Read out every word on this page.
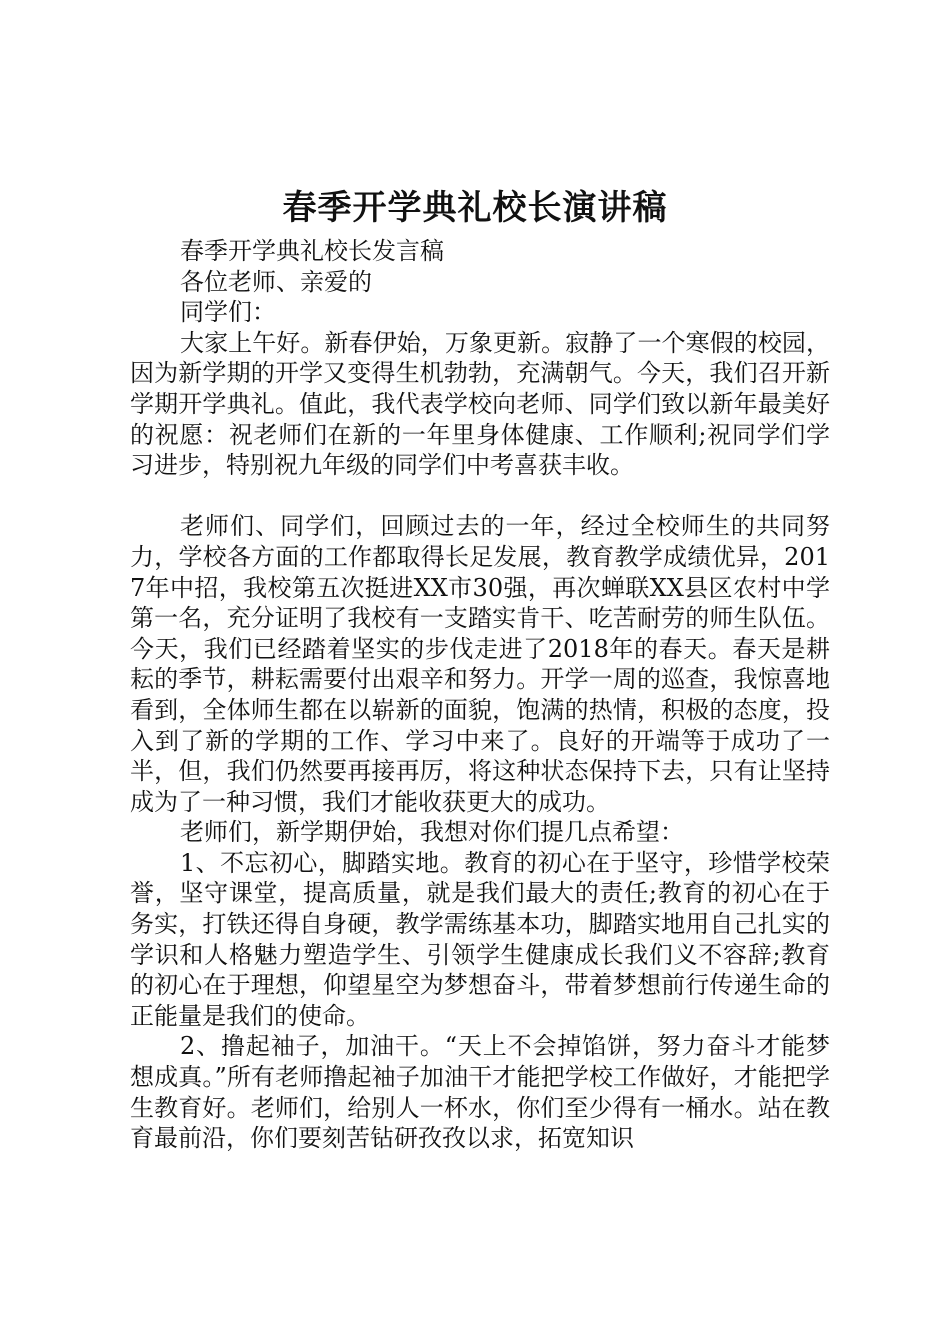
春季开学典礼校长演讲稿

春季开学典礼校长发言稿

各位老师、亲爱的

同学们：

大家上午好。新春伊始，万象更新。寂静了一个寒假的校园，因为新学期的开学又变得生机勃勃，充满朝气。今天，我们召开新学期开学典礼。值此，我代表学校向老师、同学们致以新年最美好的祝愿：祝老师们在新的一年里身体健康、工作顺利;祝同学们学习进步，特别祝九年级的同学们中考喜获丰收。

老师们、同学们，回顾过去的一年，经过全校师生的共同努力，学校各方面的工作都取得长足发展，教育教学成绩优异，2017年中招，我校第五次挺进XX市30强，再次蝉联XX县区农村中学第一名，充分证明了我校有一支踏实肯干、吃苦耐劳的师生队伍。今天，我们已经踏着坚实的步伐走进了2018年的春天。春天是耕耘的季节，耕耘需要付出艰辛和努力。开学一周的巡查，我惊喜地看到，全体师生都在以崭新的面貌，饱满的热情，积极的态度，投入到了新的学期的工作、学习中来了。良好的开端等于成功了一半，但，我们仍然要再接再厉，将这种状态保持下去，只有让坚持成为了一种习惯，我们才能收获更大的成功。

老师们，新学期伊始，我想对你们提几点希望：

1、不忘初心，脚踏实地。教育的初心在于坚守，珍惜学校荣誉，坚守课堂，提高质量，就是我们最大的责任;教育的初心在于务实，打铁还得自身硬，教学需练基本功，脚踏实地用自己扎实的学识和人格魅力塑造学生、引领学生健康成长我们义不容辞;教育的初心在于理想，仰望星空为梦想奋斗，带着梦想前行传递生命的正能量是我们的使命。

2、撸起袖子，加油干。“天上不会掉馅饼，努力奋斗才能梦想成真。”所有老师撸起袖子加油干才能把学校工作做好，才能把学生教育好。老师们，给别人一杯水，你们至少得有一桶水。站在教育最前沿，你们要刻苦钻研孜孜以求，拓宽知识
